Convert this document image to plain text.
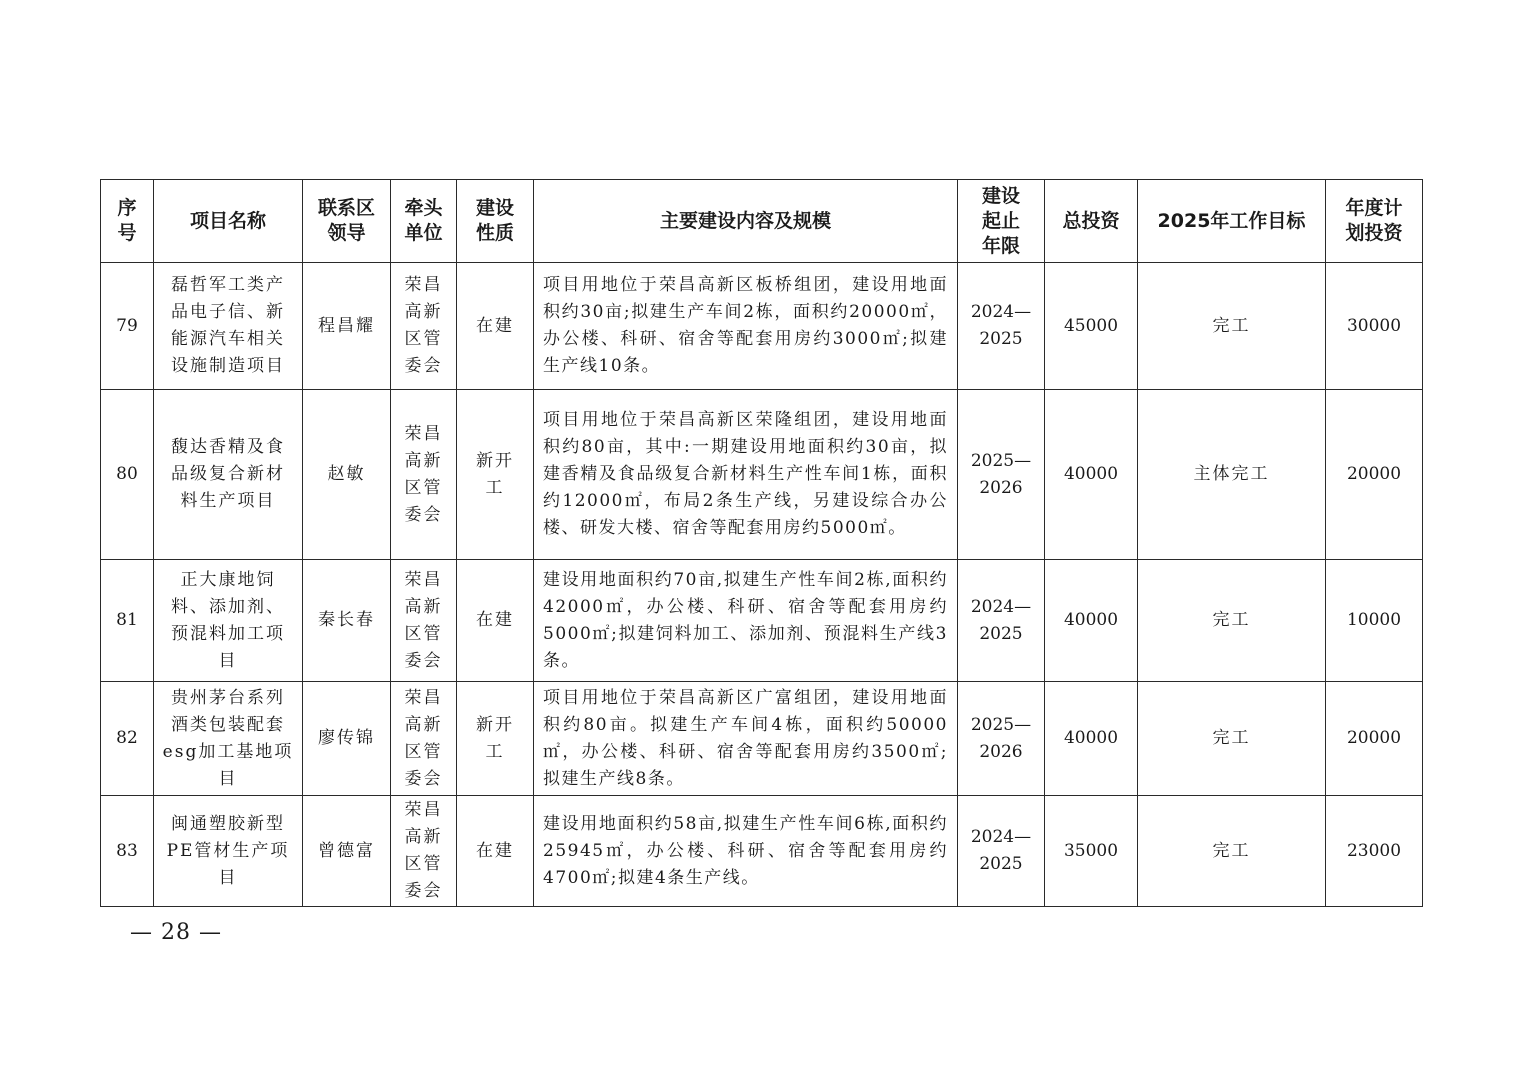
序号	项目名称	联系区领导	牵头单位	建设性质	主要建设内容及规模	建设起止年限	总投资	2025年工作目标	年度计划投资
79	磊哲军工类产品电子信、新能源汽车相关设施制造项目	程昌耀	荣昌高新区管委会	在建	项目用地位于荣昌高新区板桥组团，建设用地面积约30亩;拟建生产车间2栋，面积约20000㎡，办公楼、科研、宿舍等配套用房约3000㎡;拟建生产线10条。	2024—2025	45000	完工	30000
80	馥达香精及食品级复合新材料生产项目	赵敏	荣昌高新区管委会	新开工	项目用地位于荣昌高新区荣隆组团，建设用地面积约80亩，其中:一期建设用地面积约30亩，拟建香精及食品级复合新材料生产性车间1栋，面积约12000㎡，布局2条生产线，另建设综合办公楼、研发大楼、宿舍等配套用房约5000㎡。	2025—2026	40000	主体完工	20000
81	正大康地饲料、添加剂、预混料加工项目	秦长春	荣昌高新区管委会	在建	建设用地面积约70亩,拟建生产性车间2栋,面积约42000㎡，办公楼、科研、宿舍等配套用房约5000㎡;拟建饲料加工、添加剂、预混料生产线3条。	2024—2025	40000	完工	10000
82	贵州茅台系列酒类包装配套esg加工基地项目	廖传锦	荣昌高新区管委会	新开工	项目用地位于荣昌高新区广富组团，建设用地面积约80亩。拟建生产车间4栋，面积约50000㎡，办公楼、科研、宿舍等配套用房约3500㎡;拟建生产线8条。	2025—2026	40000	完工	20000
83	闽通塑胶新型PE管材生产项目	曾德富	荣昌高新区管委会	在建	建设用地面积约58亩,拟建生产性车间6栋,面积约25945㎡，办公楼、科研、宿舍等配套用房约4700㎡;拟建4条生产线。	2024—2025	35000	完工	23000
— 28 —
